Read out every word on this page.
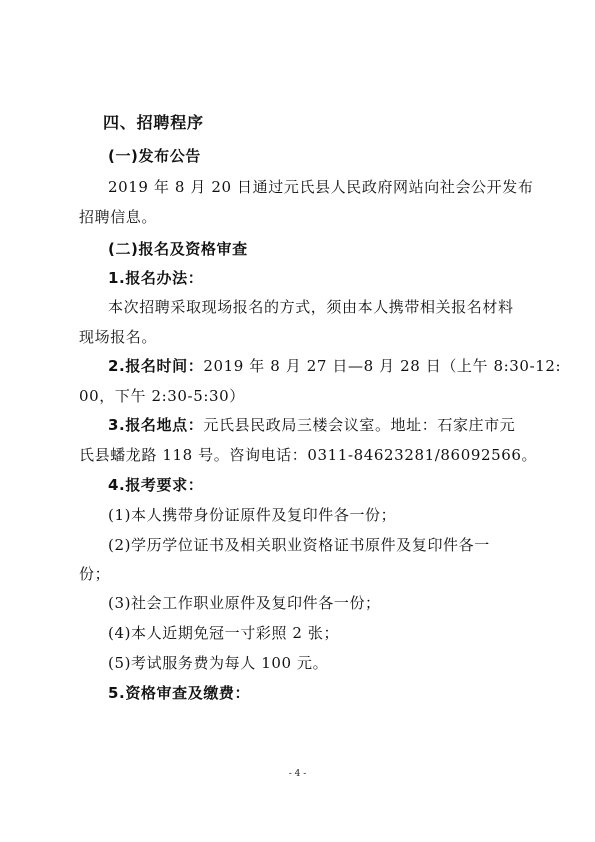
四、招聘程序
(一)发布公告
2019 年 8 月 20 日通过元氏县人民政府网站向社会公开发布
招聘信息。
(二)报名及资格审查
1.报名办法：
本次招聘采取现场报名的方式，须由本人携带相关报名材料
现场报名。
2.报名时间：2019 年 8 月 27 日—8 月 28 日（上午 8:30-12:
00，下午 2:30-5:30）
3.报名地点：元氏县民政局三楼会议室。地址：石家庄市元
氏县蟠龙路 118 号。咨询电话：0311-84623281/86092566。
4.报考要求：
(1)本人携带身份证原件及复印件各一份；
(2)学历学位证书及相关职业资格证书原件及复印件各一
份；
(3)社会工作职业原件及复印件各一份；
(4)本人近期免冠一寸彩照 2 张；
(5)考试服务费为每人 100 元。
5.资格审查及缴费：
- 4 -
